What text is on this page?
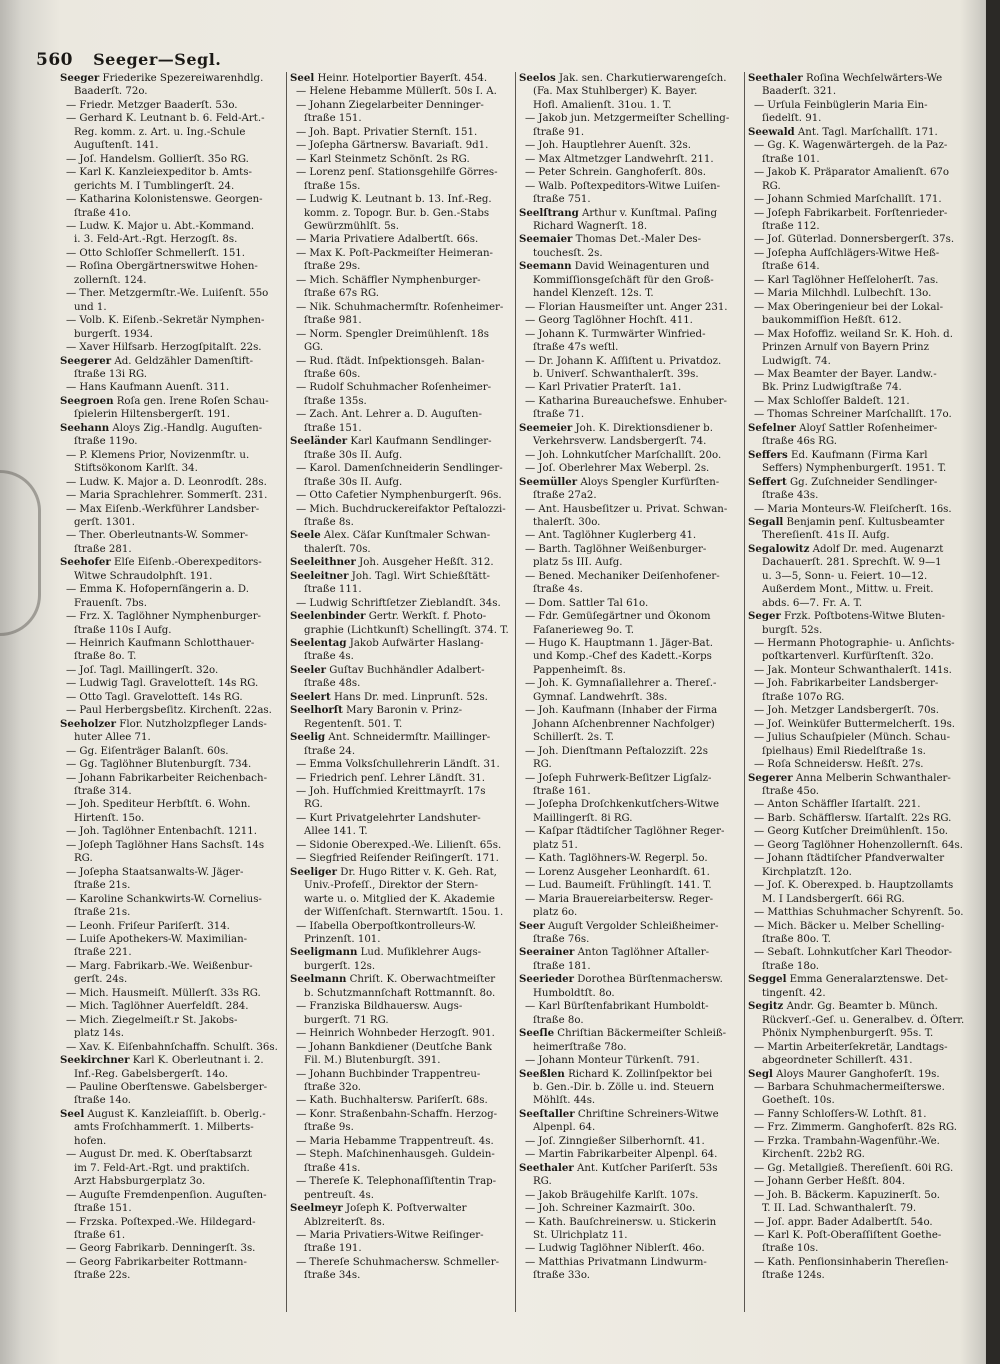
560 Seeger—Segl.

Seeger Friederike Spezereiwarenhdlg.

Baaderſt. 72o.

— Friedr. Metzger Baaderſt. 53o.

— Gerhard K. Leutnant b. 6. Feld-Art.-

Reg. komm. z. Art. u. Ing.-Schule

Auguſtenſt. 141.

— Joſ. Handelsm. Gollierſt. 35o RG.

— Karl K. Kanzleiexpeditor b. Amts-

gerichts M. I Tumblingerſt. 24.

— Katharina Kolonistenswe. Georgen-

ſtraße 41o.

— Ludw. K. Major u. Abt.-Kommand.

i. 3. Feld-Art.-Rgt. Herzogſt. 8s.

— Otto Schloſſer Schmellerſt. 151.

— Roſina Obergärtnerswitwe Hohen-

zollernſt. 124.

— Ther. Metzgermſtr.-We. Luiſenſt. 55o

und 1.

— Volb. K. Eiſenb.-Sekretär Nymphen-

burgerſt. 1934.

— Xaver Hilfsarb. Herzogſpitalſt. 22s.

Seegerer Ad. Geldzähler Damenſtift-

ſtraße 13i RG.

— Hans Kaufmann Auenſt. 311.

Seegroen Roſa gen. Irene Roſen Schau-

ſpielerin Hiltensbergerſt. 191.

Seehann Aloys Zig.-Handlg. Auguſten-

ſtraße 119o.

— P. Klemens Prior, Novizenmſtr. u.

Stiftsökonom Karlſt. 34.

— Ludw. K. Major a. D. Leonrodſt. 28s.

— Maria Sprachlehrer. Sommerſt. 231.

— Max Eiſenb.-Werkführer Landsber-

gerſt. 1301.

— Ther. Oberleutnants-W. Sommer-

ſtraße 281.

Seehofer Elſe Eiſenb.-Oberexpeditors-

Witwe Schraudolphſt. 191.

— Emma K. Hofopernſängerin a. D.

Frauenſt. 7bs.

— Frz. X. Taglöhner Nymphenburger-

ſtraße 110s I Aufg.

— Heinrich Kaufmann Schlotthauer-

ſtraße 8o. T.

— Joſ. Tagl. Maillingerſt. 32o.

— Ludwig Tagl. Gravelotteſt. 14s RG.

— Otto Tagl. Gravelotteſt. 14s RG.

— Paul Herbergsbeſitz. Kirchenſt. 22as.

Seeholzer Flor. Nutzholzpfleger Lands-

huter Allee 71.

— Gg. Eiſenträger Balanſt. 60s.

— Gg. Taglöhner Blutenburgſt. 734.

— Johann Fabrikarbeiter Reichenbach-

ſtraße 314.

— Joh. Spediteur Herbſtſt. 6. Wohn.

Hirtenſt. 15o.

— Joh. Taglöhner Entenbachſt. 1211.

— Joſeph Taglöhner Hans Sachsſt. 14s

RG.

— Joſepha Staatsanwalts-W. Jäger-

ſtraße 21s.

— Karoline Schankwirts-W. Cornelius-

ſtraße 21s.

— Leonh. Friſeur Pariſerſt. 314.

— Luiſe Apothekers-W. Maximilian-

ſtraße 221.

— Marg. Fabrikarb.-We. Weißenbur-

gerſt. 24s.

— Mich. Hausmeiſt. Müllerſt. 33s RG.

— Mich. Taglöhner Auerfeldſt. 284.

— Mich. Ziegelmeiſt.r St. Jakobs-

platz 14s.

— Xav. K. Eiſenbahnſchaffn. Schulſt. 36s.

Seekirchner Karl K. Oberleutnant i. 2.

Inf.-Reg. Gabelsbergerſt. 14o.

— Pauline Oberſtenswe. Gabelsberger-

ſtraße 14o.

Seel August K. Kanzleiaſſiſt. b. Oberlg.-

amts Froſchhammerſt. 1. Milberts-

hofen.

— August Dr. med. K. Oberſtabsarzt

im 7. Feld-Art.-Rgt. und praktiſch.

Arzt Habsburgerplatz 3o.

— Auguſte Fremdenpenſion. Auguſten-

ſtraße 151.

— Frzska. Poſtexped.-We. Hildegard-

ſtraße 61.

— Georg Fabrikarb. Denningerſt. 3s.

— Georg Fabrikarbeiter Rottmann-

ſtraße 22s.

Seel Heinr. Hotelportier Bayerſt. 454.

— Helene Hebamme Müllerſt. 50s I. A.

— Johann Ziegelarbeiter Denninger-

ſtraße 151.

— Joh. Bapt. Privatier Sternſt. 151.

— Joſepha Gärtnersw. Bavariaſt. 9d1.

— Karl Steinmetz Schönſt. 2s RG.

— Lorenz penſ. Stationsgehilfe Görres-

ſtraße 15s.

— Ludwig K. Leutnant b. 13. Inf.-Reg.

komm. z. Topogr. Bur. b. Gen.-Stabs

Gewürzmühlſt. 5s.

— Maria Privatiere Adalbertſt. 66s.

— Max K. Poſt-Packmeiſter Heimeran-

ſtraße 29s.

— Mich. Schäffler Nymphenburger-

ſtraße 67s RG.

— Nik. Schuhmachermſtr. Roſenheimer-

ſtraße 981.

— Norm. Spengler Dreimühlenſt. 18s

GG.

— Rud. ſtädt. Inſpektionsgeh. Balan-

ſtraße 60s.

— Rudolf Schuhmacher Roſenheimer-

ſtraße 135s.

— Zach. Ant. Lehrer a. D. Auguſten-

ſtraße 151.

Seeländer Karl Kaufmann Sendlinger-

ſtraße 30s II. Aufg.

— Karol. Damenſchneiderin Sendlinger-

ſtraße 30s II. Aufg.

— Otto Cafetier Nymphenburgerſt. 96s.

— Mich. Buchdruckereifaktor Peſtalozzi-

ſtraße 8s.

Seele Alex. Cäſar Kunſtmaler Schwan-

thalerſt. 70s.

Seeleithner Joh. Ausgeher Heßſt. 312.

Seeleitner Joh. Tagl. Wirt Schießſtätt-

ſtraße 111.

— Ludwig Schriftſetzer Zieblandſt. 34s.

Seelenbinder Gertr. Werkſt. f. Photo-

graphie (Lichtkunſt) Schellingſt. 374. T.

Seelentag Jakob Aufwärter Haslang-

ſtraße 4s.

Seeler Guſtav Buchhändler Adalbert-

ſtraße 48s.

Seelert Hans Dr. med. Linprunſt. 52s.

Seelhorſt Mary Baronin v. Prinz-

Regentenſt. 501. T.

Seelig Ant. Schneidermſtr. Maillinger-

ſtraße 24.

— Emma Volksſchullehrerin Ländſt. 31.

— Friedrich penſ. Lehrer Ländſt. 31.

— Joh. Hufſchmied Kreittmayrſt. 17s

RG.

— Kurt Privatgelehrter Landshuter-

Allee 141. T.

— Sidonie Oberexped.-We. Lilienſt. 65s.

— Siegfried Reiſender Reiſingerſt. 171.

Seeliger Dr. Hugo Ritter v. K. Geh. Rat,

Univ.-Profeſſ., Direktor der Stern-

warte u. o. Mitglied der K. Akademie

der Wiſſenſchaft. Sternwartſt. 15ou. 1.

— Iſabella Oberpoſtkontrolleurs-W.

Prinzenſt. 101.

Seeligmann Lud. Muſiklehrer Augs-

burgerſt. 12s.

Seelmann Chriſt. K. Oberwachtmeiſter

b. Schutzmannſchaft Rottmannſt. 8o.

— Franziska Bildhauersw. Augs-

burgerſt. 71 RG.

— Heinrich Wohnbeder Herzogſt. 901.

— Johann Bankdiener (Deutſche Bank

Fil. M.) Blutenburgſt. 391.

— Johann Buchbinder Trappentreu-

ſtraße 32o.

— Kath. Buchhaltersw. Pariſerſt. 68s.

— Konr. Straßenbahn-Schaffn. Herzog-

ſtraße 9s.

— Maria Hebamme Trappentreuſt. 4s.

— Steph. Maſchinenhausgeh. Guldein-

ſtraße 41s.

— Thereſe K. Telephonaſſiſtentin Trap-

pentreuſt. 4s.

Seelmeyr Joſeph K. Poſtverwalter

Ablzreiterſt. 8s.

— Maria Privatiers-Witwe Reiſinger-

ſtraße 191.

— Thereſe Schuhmachersw. Schmeller-

ſtraße 34s.

Seelos Jak. sen. Charkutierwarengeſch.

(Fa. Max Stuhlberger) K. Bayer.

Hofl. Amalienſt. 31ou. 1. T.

— Jakob jun. Metzgermeiſter Schelling-

ſtraße 91.

— Joh. Hauptlehrer Auenſt. 32s.

— Max Altmetzger Landwehrſt. 211.

— Peter Schrein. Ganghoferſt. 80s.

— Walb. Poſtexpeditors-Witwe Luiſen-

ſtraße 751.

Seelſtrang Arthur v. Kunſtmal. Paſing

Richard Wagnerſt. 18.

Seemaier Thomas Det.-Maler Des-

touchesſt. 2s.

Seemann David Weinagenturen und

Kommiſſionsgeſchäft für den Groß-

handel Klenzeſt. 12s. T.

— Florian Hausmeiſter unt. Anger 231.

— Georg Taglöhner Hochſt. 411.

— Johann K. Turmwärter Winfried-

ſtraße 47s weſtl.

— Dr. Johann K. Aſſiſtent u. Privatdoz.

b. Univerſ. Schwanthalerſt. 39s.

— Karl Privatier Praterſt. 1a1.

— Katharina Bureauchefswe. Enhuber-

ſtraße 71.

Seemeier Joh. K. Direktionsdiener b.

Verkehrsverw. Landsbergerſt. 74.

— Joh. Lohnkutſcher Marſchallſt. 20o.

— Joſ. Oberlehrer Max Weberpl. 2s.

Seemüller Aloys Spengler Kurfürſten-

ſtraße 27a2.

— Ant. Hausbeſitzer u. Privat. Schwan-

thalerſt. 30o.

— Ant. Taglöhner Kuglerberg 41.

— Barth. Taglöhner Weißenburger-

platz 5s III. Aufg.

— Bened. Mechaniker Deiſenhofener-

ſtraße 4s.

— Dom. Sattler Tal 61o.

— Fdr. Gemüſegärtner und Ökonom

Faſanerieweg 9o. T.

— Hugo K. Hauptmann 1. Jäger-Bat.

und Komp.-Chef des Kadett.-Korps

Pappenheimſt. 8s.

— Joh. K. Gymnaſiallehrer a. Thereſ.-

Gymnaſ. Landwehrſt. 38s.

— Joh. Kaufmann (Inhaber der Firma

Johann Aſchenbrenner Nachfolger)

Schillerſt. 2s. T.

— Joh. Dienſtmann Peſtalozziſt. 22s

RG.

— Joſeph Fuhrwerk-Beſitzer Ligſalz-

ſtraße 161.

— Joſepha Droſchkenkutſchers-Witwe

Maillingerſt. 8i RG.

— Kaſpar ſtädtiſcher Taglöhner Reger-

platz 51.

— Kath. Taglöhners-W. Regerpl. 5o.

— Lorenz Ausgeher Leonhardſt. 61.

— Lud. Baumeiſt. Frühlingſt. 141. T.

— Maria Brauereiarbeitersw. Reger-

platz 6o.

Seer Auguſt Vergolder Schleißheimer-

ſtraße 76s.

Seerainer Anton Taglöhner Aſtaller-

ſtraße 181.

Seerieder Dorothea Bürſtenmachersw.

Humboldtſt. 8o.

— Karl Bürſtenfabrikant Humboldt-

ſtraße 8o.

Seeſle Chriſtian Bäckermeiſter Schleiß-

heimerſtraße 78o.

— Johann Monteur Türkenſt. 791.

Seeßlen Richard K. Zollinſpektor bei

b. Gen.-Dir. b. Zölle u. ind. Steuern

Möhlſt. 44s.

Seeſtaller Chriſtine Schreiners-Witwe

Alpenpl. 64.

— Joſ. Zinngießer Silberhornſt. 41.

— Martin Fabrikarbeiter Alpenpl. 64.

Seethaler Ant. Kutſcher Pariſerſt. 53s

RG.

— Jakob Bräugehilfe Karlſt. 107s.

— Joh. Schreiner Kazmairſt. 30o.

— Kath. Bauſchreinersw. u. Stickerin

St. Ulrichplatz 11.

— Ludwig Taglöhner Niblerſt. 46o.

— Matthias Privatmann Lindwurm-

ſtraße 33o.

Seethaler Roſina Wechſelwärters-We

Baaderſt. 321.

— Urſula Feinbüglerin Maria Ein-

ſiedelſt. 91.

Seewald Ant. Tagl. Marſchallſt. 171.

— Gg. K. Wagenwärtergeh. de la Paz-

ſtraße 101.

— Jakob K. Präparator Amalienſt. 67o

RG.

— Johann Schmied Marſchallſt. 171.

— Joſeph Fabrikarbeit. Forſtenrieder-

ſtraße 112.

— Joſ. Güterlad. Donnersbergerſt. 37s.

— Joſepha Aufſchlägers-Witwe Heß-

ſtraße 614.

— Karl Taglöhner Heſſeloherſt. 7as.

— Maria Milchhdl. Lulbechſt. 13o.

— Max Oberingenieur bei der Lokal-

baukommiſſion Heßſt. 612.

— Max Hofoffiz. weiland Sr. K. Hoh. d.

Prinzen Arnulf von Bayern Prinz

Ludwigſt. 74.

— Max Beamter der Bayer. Landw.-

Bk. Prinz Ludwigſtraße 74.

— Max Schloſſer Baldeſt. 121.

— Thomas Schreiner Marſchallſt. 17o.

Sefelner Aloyſ Sattler Roſenheimer-

ſtraße 46s RG.

Seffers Ed. Kaufmann (Firma Karl

Seffers) Nymphenburgerſt. 1951. T.

Seffert Gg. Zuſchneider Sendlinger-

ſtraße 43s.

— Maria Monteurs-W. Fleiſcherſt. 16s.

Segall Benjamin penſ. Kultusbeamter

Thereſienſt. 41s II. Aufg.

Segalowitz Adolf Dr. med. Augenarzt

Dachauerſt. 281. Sprechſt. W. 9—1

u. 3—5, Sonn- u. Feiert. 10—12.

Außerdem Mont., Mittw. u. Freit.

abds. 6—7. Fr. A. T.

Seger Frzk. Poſtbotens-Witwe Bluten-

burgſt. 52s.

— Hermann Photographie- u. Anſichts-

poſtkartenverl. Kurfürſtenſt. 32o.

— Jak. Monteur Schwanthalerſt. 141s.

— Joh. Fabrikarbeiter Landsberger-

ſtraße 107o RG.

— Joh. Metzger Landsbergerſt. 70s.

— Joſ. Weinküfer Buttermelcherſt. 19s.

— Julius Schauſpieler (Münch. Schau-

ſpielhaus) Emil Riedelſtraße 1s.

— Roſa Schneidersw. Heßſt. 27s.

Segerer Anna Melberin Schwanthaler-

ſtraße 45o.

— Anton Schäffler Iſartalſt. 221.

— Barb. Schäfflersw. Iſartalſt. 22s RG.

— Georg Kutſcher Dreimühlenſt. 15o.

— Georg Taglöhner Hohenzollernſt. 64s.

— Johann ſtädtiſcher Pfandverwalter

Kirchplatzſt. 12o.

— Joſ. K. Oberexped. b. Hauptzollamts

M. I Landsbergerſt. 66i RG.

— Matthias Schuhmacher Schyrenſt. 5o.

— Mich. Bäcker u. Melber Schelling-

ſtraße 80o. T.

— Sebaſt. Lohnkutſcher Karl Theodor-

ſtraße 18o.

Seggel Emma Generalarztenswe. Det-

tingenſt. 42.

Segitz Andr. Gg. Beamter b. Münch.

Rückverſ.-Geſ. u. Generalbev. d. Öſterr.

Phönix Nymphenburgerſt. 95s. T.

— Martin Arbeiterſekretär, Landtags-

abgeordneter Schillerſt. 431.

Segl Aloys Maurer Ganghoferſt. 19s.

— Barbara Schuhmachermeiſterswe.

Goetheſt. 10s.

— Fanny Schloſſers-W. Lothſt. 81.

— Frz. Zimmerm. Ganghoferſt. 82s RG.

— Frzka. Trambahn-Wagenführ.-We.

Kirchenſt. 22b2 RG.

— Gg. Metallgieß. Thereſienſt. 60i RG.

— Johann Gerber Heßſt. 804.

— Joh. B. Bäckerm. Kapuzinerſt. 5o.

T. II. Lad. Schwanthalerſt. 79.

— Joſ. appr. Bader Adalbertſt. 54o.

— Karl K. Poſt-Oberaſſiſtent Goethe-

ſtraße 10s.

— Kath. Penſionsinhaberin Thereſien-

ſtraße 124s.
